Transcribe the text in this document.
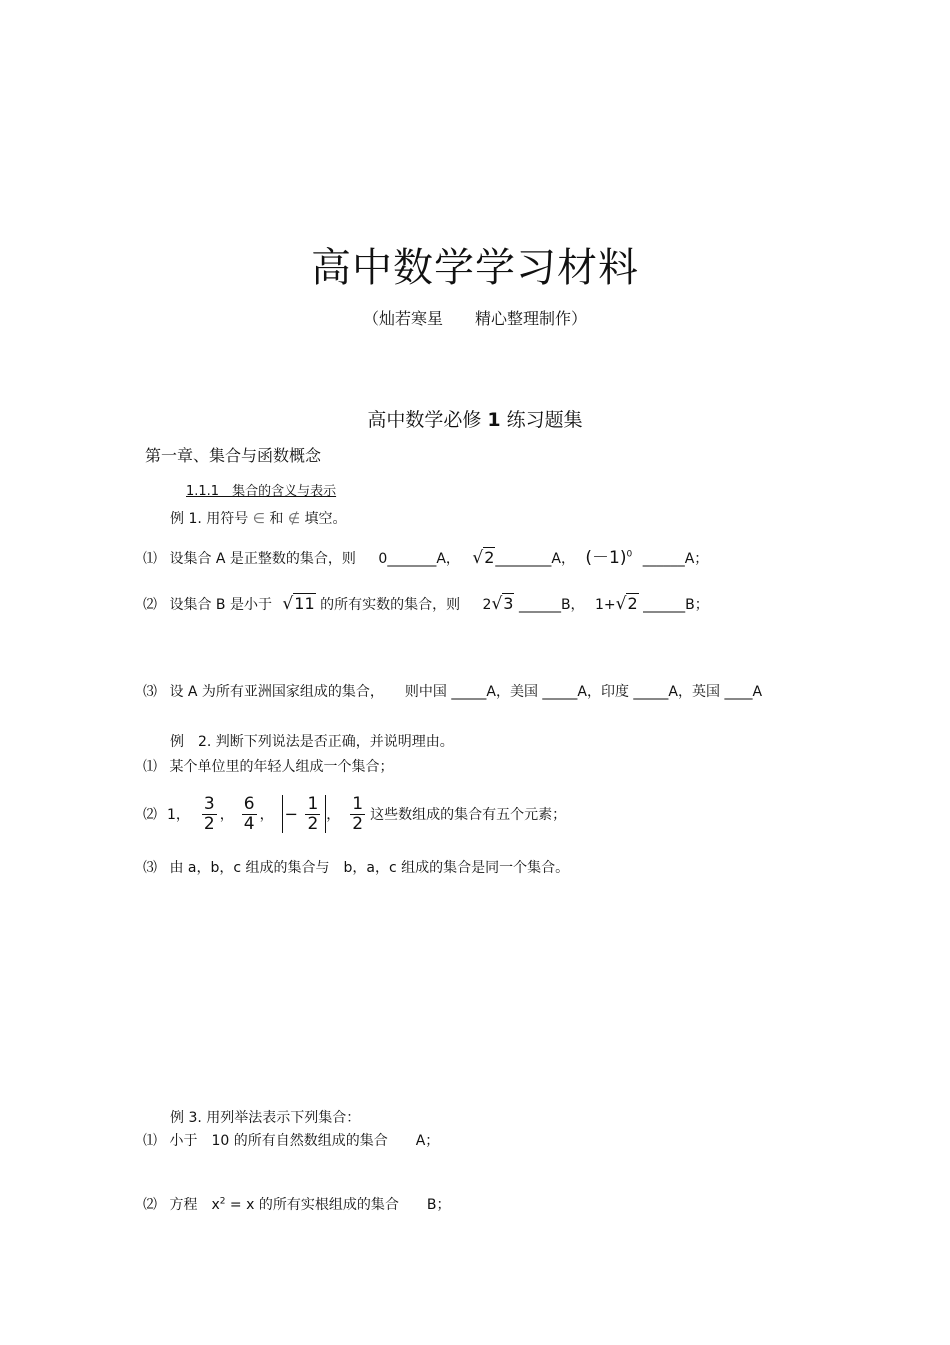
高中数学学习材料
（灿若寒星　　精心整理制作）
高中数学必修 1 练习题集
第一章、集合与函数概念
1.1.1　集合的含义与表示
例 1. 用符号 ∈ 和 ∉ 填空。
⑴ 设集合 A 是正整数的集合，则 0_______A， √2________A， $(-1)^0$ ______A；
⑵ 设集合 B 是小于 √11 的所有实数的集合，则 2√3 ______B， 1+√2 ______B；
⑶ 设 A 为所有亚洲国家组成的集合，　　则中国 _____A，美国 _____A，印度 _____A，英国 ____A
例　2. 判断下列说法是否正确，并说明理由。
⑴ 某个单位里的年轻人组成一个集合；
⑵ 1， $\frac{3}{2}$ ， $\frac{6}{4}$ ， − $\frac{1}{2}$ ， $\frac{1}{2}$ 这些数组成的集合有五个元素；
⑶ 由 a，b，c 组成的集合与　b，a，c 组成的集合是同一个集合。
例 3. 用列举法表示下列集合：
⑴ 小于　10 的所有自然数组成的集合　　A；
⑵ 方程　$x^2 = x$ 的所有实根组成的集合　　B；
